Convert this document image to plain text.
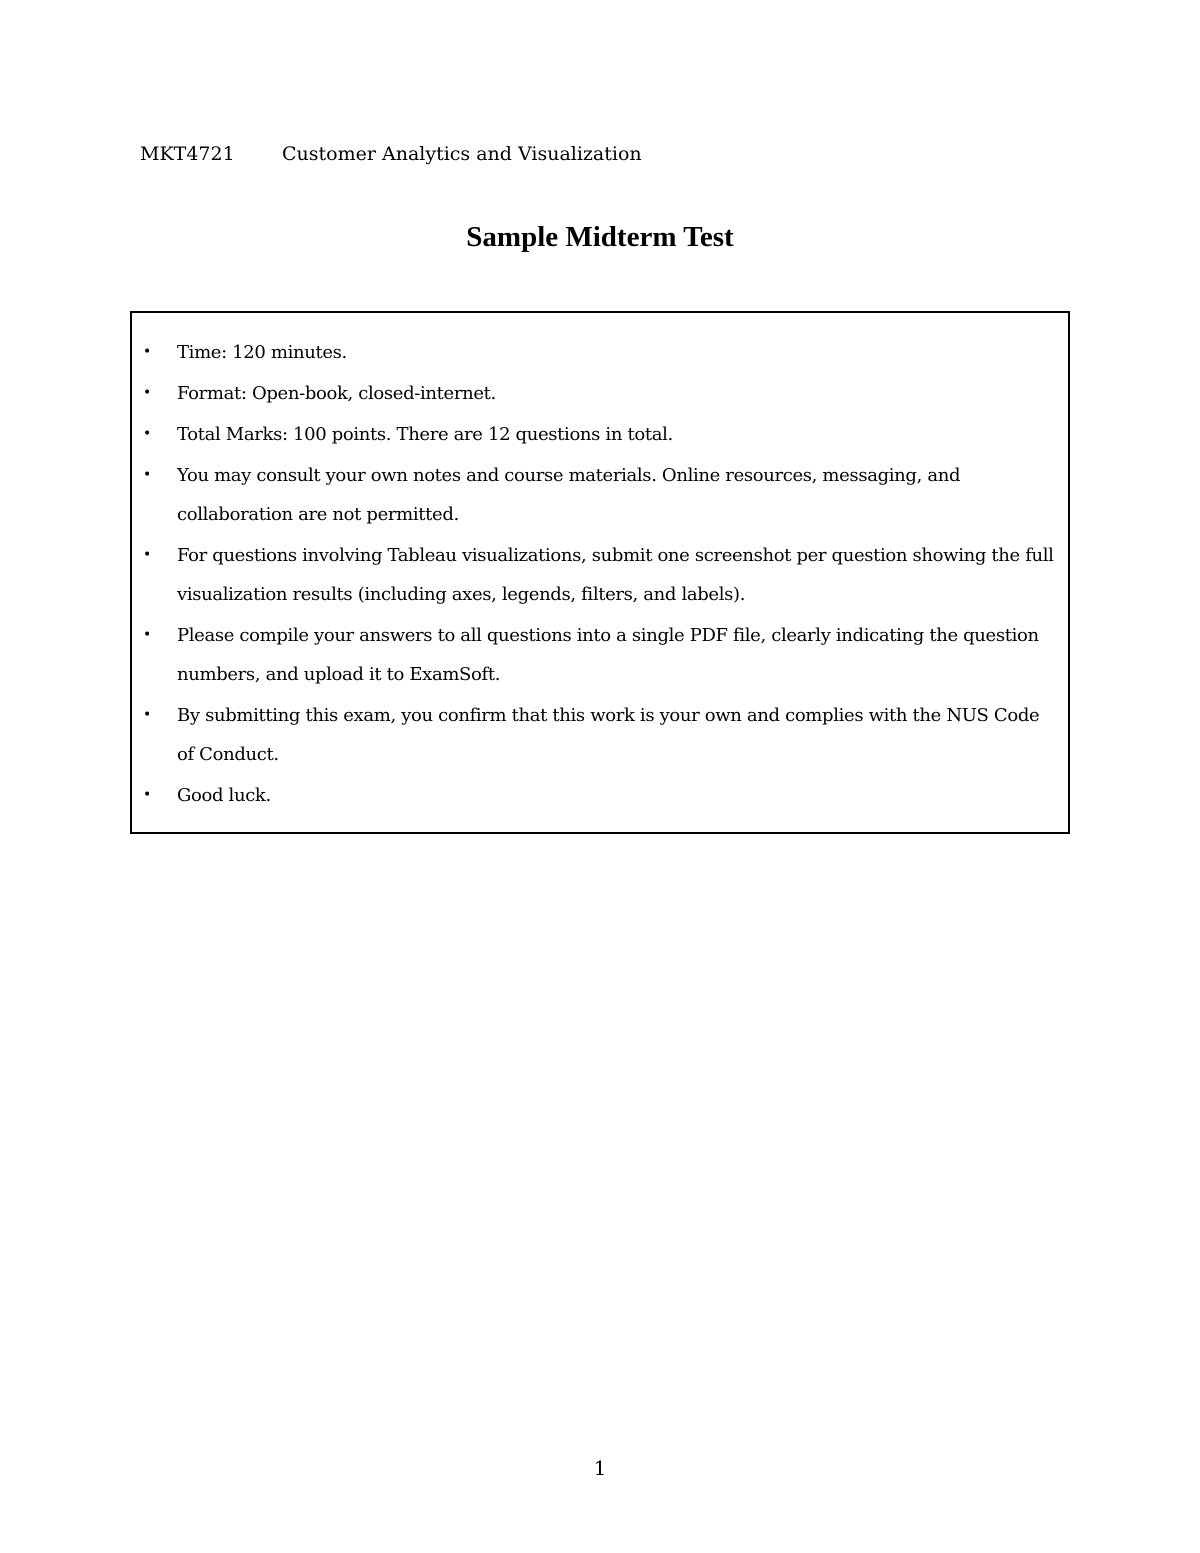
MKT4721 Customer Analytics and Visualization
Sample Midterm Test
• Time: 120 minutes.
• Format: Open-book, closed-internet.
• Total Marks: 100 points. There are 12 questions in total.
• You may consult your own notes and course materials. Online resources, messaging, and collaboration are not permitted.
• For questions involving Tableau visualizations, submit one screenshot per question showing the full visualization results (including axes, legends, filters, and labels).
• Please compile your answers to all questions into a single PDF file, clearly indicating the question numbers, and upload it to ExamSoft.
• By submitting this exam, you confirm that this work is your own and complies with the NUS Code of Conduct.
• Good luck.
1
